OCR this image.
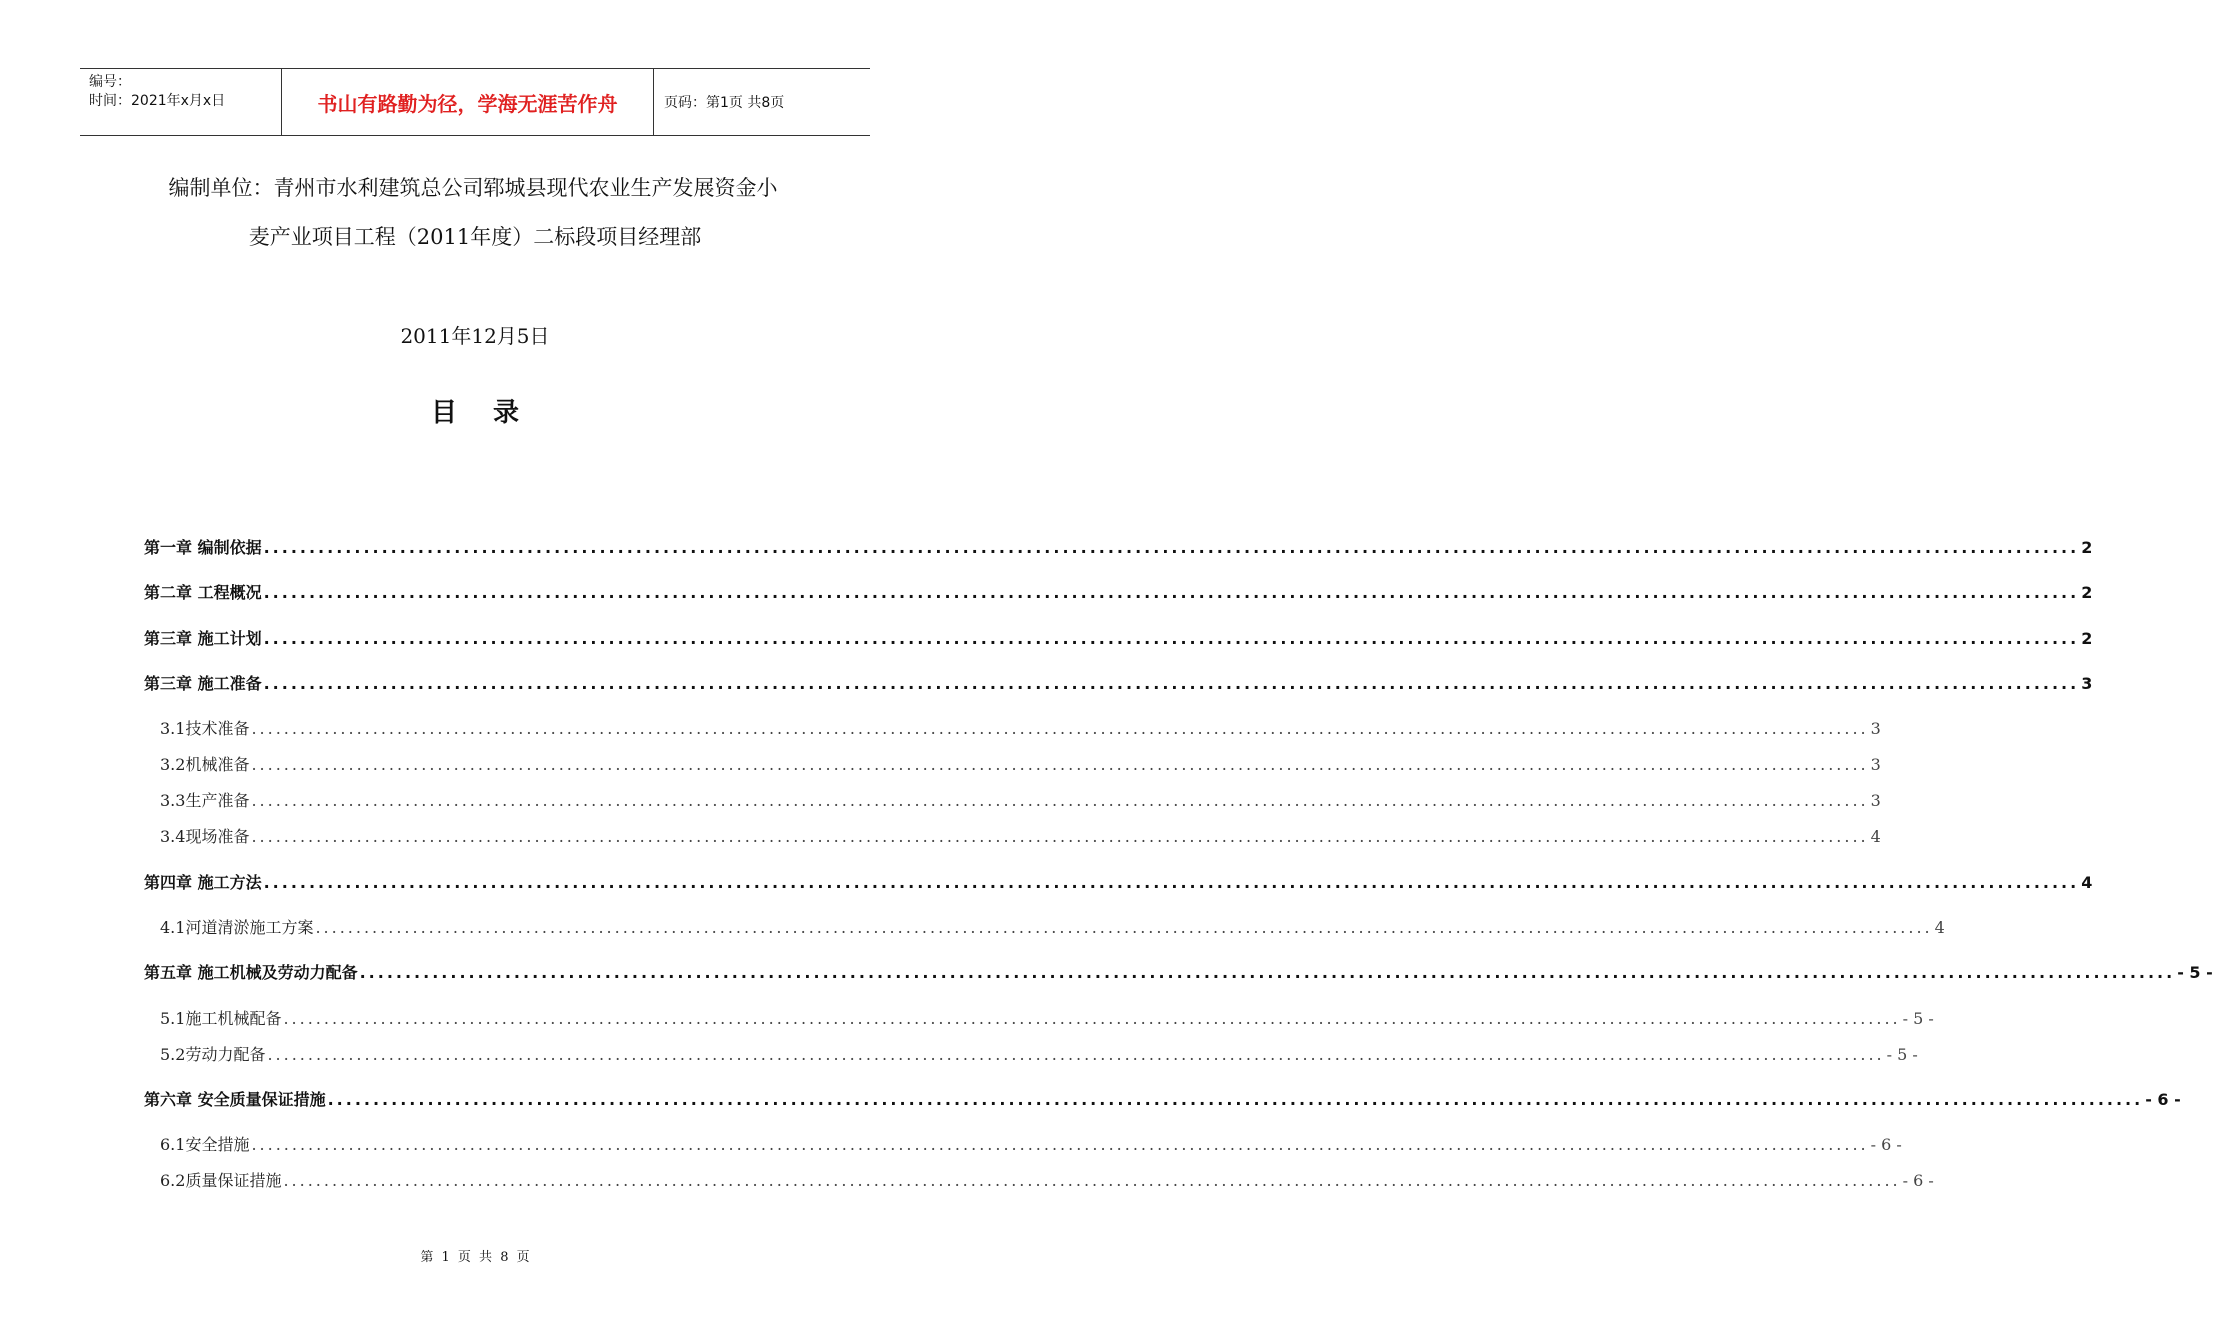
编号：
时间：2021年x月x日	书山有路勤为径，学海无涯苦作舟	页码：第1页 共8页
编制单位：青州市水利建筑总公司郓城县现代农业生产发展资金小
麦产业项目工程（2011年度）二标段项目经理部
2011年12月5日
目录
第一章 编制依据 ........................................................................................................................................................................................................ 2
第二章 工程概况 ........................................................................................................................................................................................................ 2
第三章 施工计划 ........................................................................................................................................................................................................ 2
第三章 施工准备 ........................................................................................................................................................................................................ 3
3.1技术准备 ........................................................................................................................................................................................................ 3
3.2机械准备 ........................................................................................................................................................................................................ 3
3.3生产准备 ........................................................................................................................................................................................................ 3
3.4现场准备 ........................................................................................................................................................................................................ 4
第四章 施工方法 ........................................................................................................................................................................................................ 4
4.1河道清淤施工方案 ........................................................................................................................................................................................................ 4
第五章 施工机械及劳动力配备 ........................................................................................................................................................................................................ - 5 -
5.1施工机械配备 ........................................................................................................................................................................................................ - 5 -
5.2劳动力配备 ........................................................................................................................................................................................................ - 5 -
第六章 安全质量保证措施 ........................................................................................................................................................................................................ - 6 -
6.1安全措施 ........................................................................................................................................................................................................ - 6 -
6.2质量保证措施 ........................................................................................................................................................................................................ - 6 -
第 1 页 共 8 页
